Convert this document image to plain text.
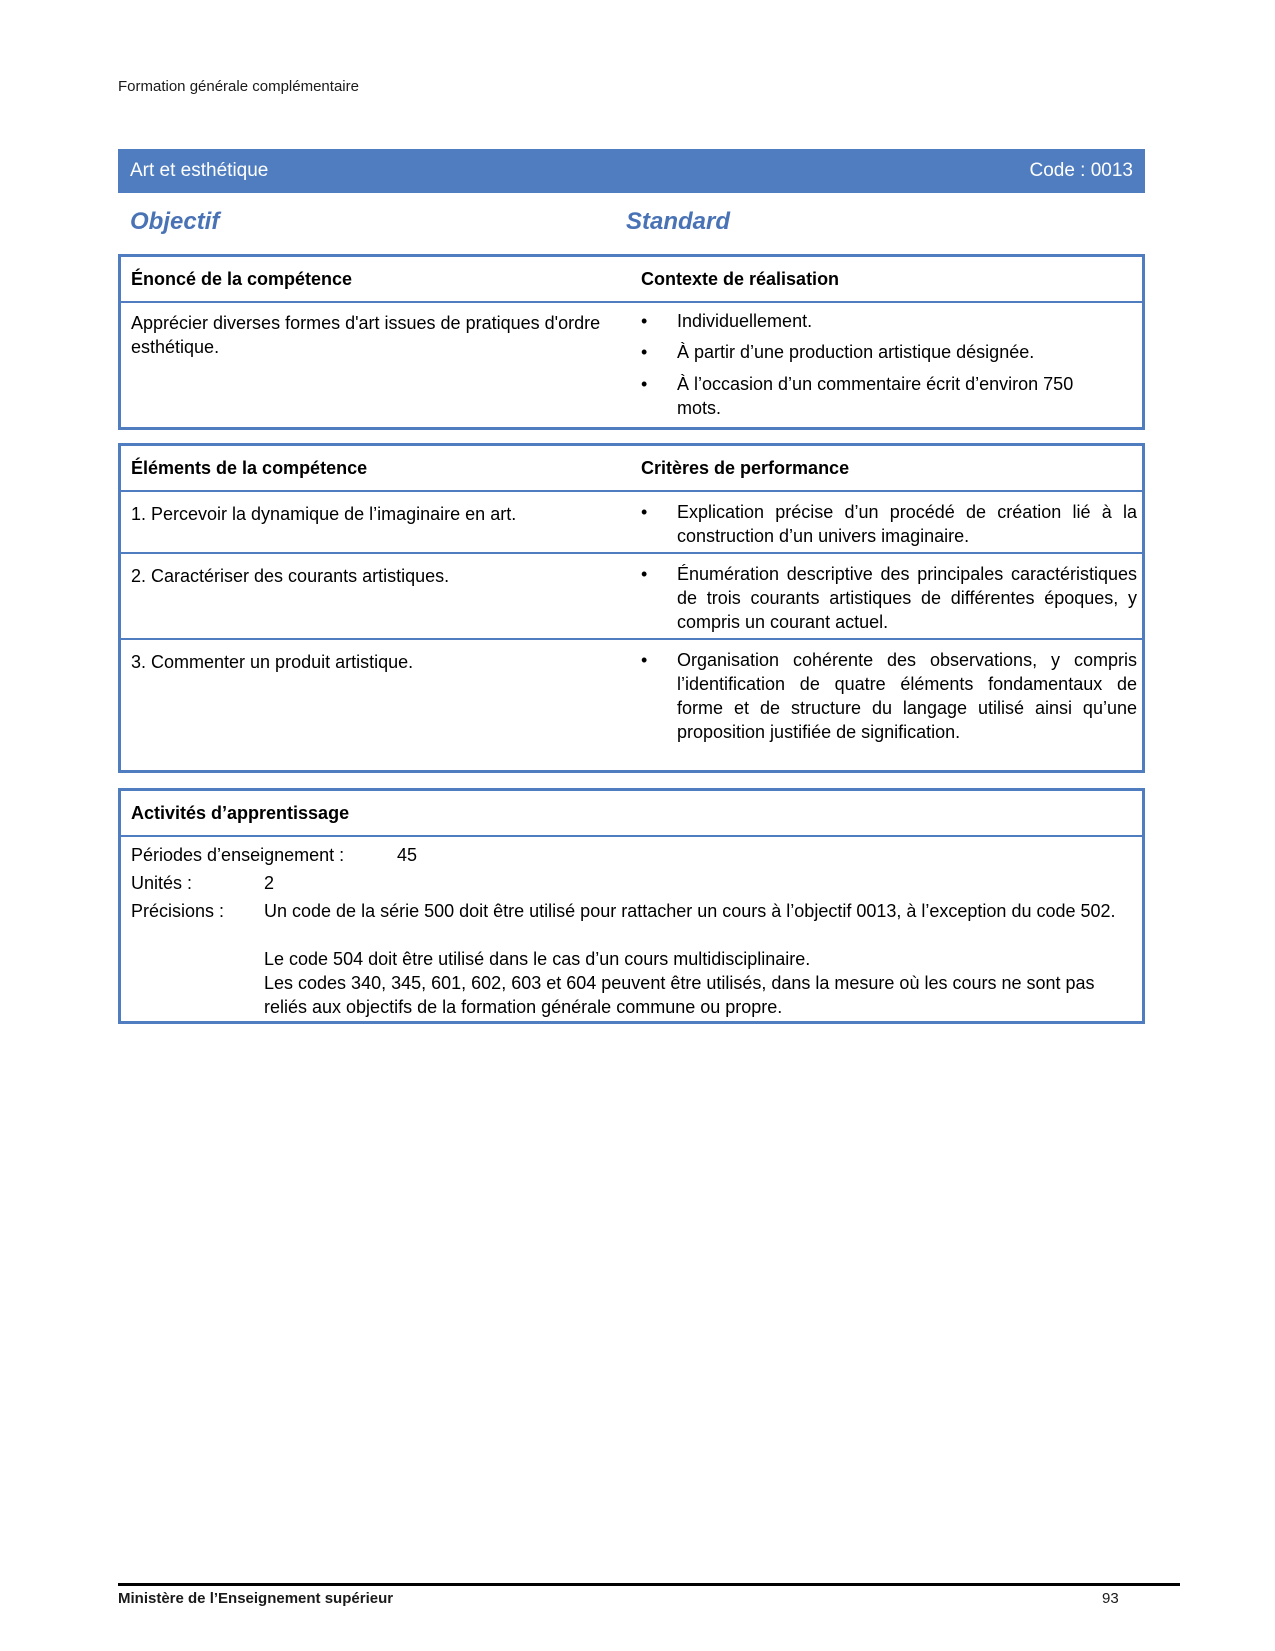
Formation générale complémentaire
Art et esthétique	Code : 0013
Objectif	Standard
Énoncé de la compétence	Contexte de réalisation
Apprécier diverses formes d'art issues de pratiques d'ordre esthétique.
•	Individuellement.
•	À partir d’une production artistique désignée.
•	À l’occasion d’un commentaire écrit d’environ 750 mots.
Éléments de la compétence	Critères de performance
1. Percevoir la dynamique de l’imaginaire en art.	•	Explication précise d’un procédé de création lié à la construction d’un univers imaginaire.
2. Caractériser des courants artistiques.	•	Énumération descriptive des principales caractéristiques de trois courants artistiques de différentes époques, y compris un courant actuel.
3. Commenter un produit artistique.	•	Organisation cohérente des observations, y compris l’identification de quatre éléments fondamentaux de forme et de structure du langage utilisé ainsi qu’une proposition justifiée de signification.
Activités d’apprentissage
Périodes d’enseignement :	45
Unités :	2
Précisions : Un code de la série 500 doit être utilisé pour rattacher un cours à l’objectif 0013, à l’exception du code 502.
Le code 504 doit être utilisé dans le cas d’un cours multidisciplinaire.
Les codes 340, 345, 601, 602, 603 et 604 peuvent être utilisés, dans la mesure où les cours ne sont pas reliés aux objectifs de la formation générale commune ou propre.
Ministère de l’Enseignement supérieur	93
